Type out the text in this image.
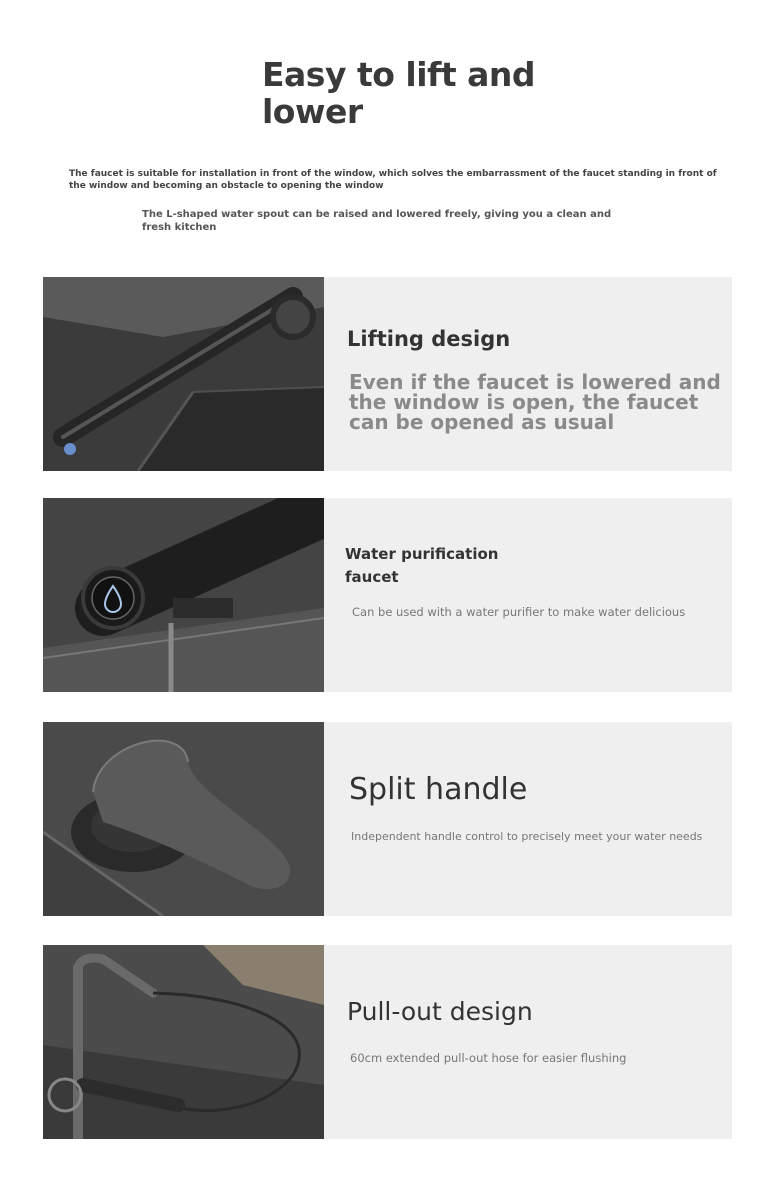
Easy to lift and lower

The faucet is suitable for installation in front of the window, which solves the embarrassment of the faucet standing in front of the window and becoming an obstacle to opening the window

The L-shaped water spout can be raised and lowered freely, giving you a clean and fresh kitchen

Lifting design

Even if the faucet is lowered and the window is open, the faucet can be opened as usual

Water purification faucet

Can be used with a water purifier to make water delicious

Split handle

Independent handle control to precisely meet your water needs

Pull-out design

60cm extended pull-out hose for easier flushing
